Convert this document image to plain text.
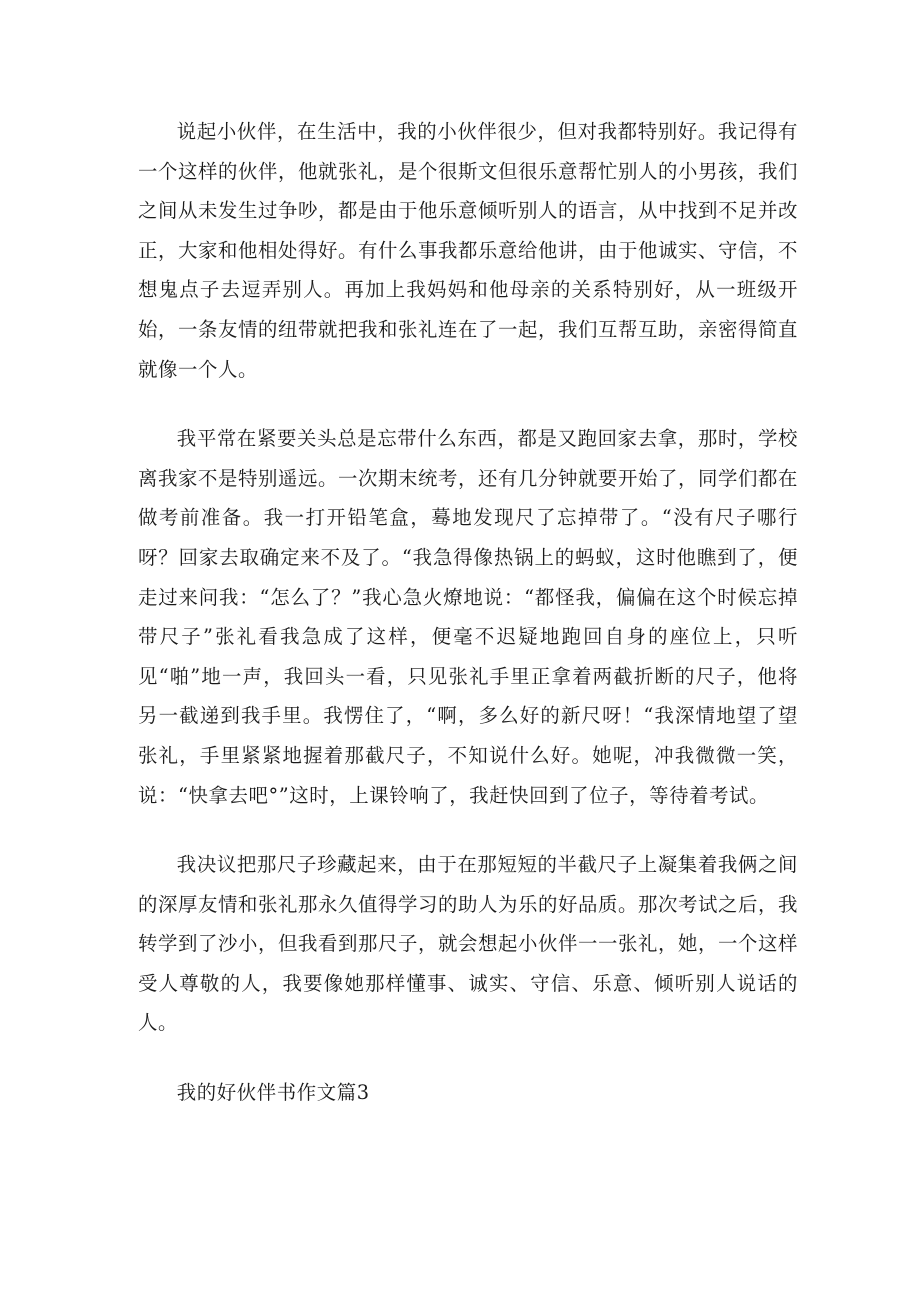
说起小伙伴，在生活中，我的小伙伴很少，但对我都特别好。我记得有一个这样的伙伴，他就张礼，是个很斯文但很乐意帮忙别人的小男孩，我们之间从未发生过争吵，都是由于他乐意倾听别人的语言，从中找到不足并改正，大家和他相处得好。有什么事我都乐意给他讲，由于他诚实、守信，不想鬼点子去逗弄别人。再加上我妈妈和他母亲的关系特别好，从一班级开始，一条友情的纽带就把我和张礼连在了一起，我们互帮互助，亲密得简直就像一个人。

我平常在紧要关头总是忘带什么东西，都是又跑回家去拿，那时，学校离我家不是特别遥远。一次期末统考，还有几分钟就要开始了，同学们都在做考前准备。我一打开铅笔盒，蓦地发现尺了忘掉带了。“没有尺子哪行呀？回家去取确定来不及了。“我急得像热锅上的蚂蚁，这时他瞧到了，便走过来问我：“怎么了？”我心急火燎地说：“都怪我，偏偏在这个时候忘掉带尺子”张礼看我急成了这样，便毫不迟疑地跑回自身的座位上，只听见“啪”地一声，我回头一看，只见张礼手里正拿着两截折断的尺子，他将另一截递到我手里。我愣住了，“啊，多么好的新尺呀！“我深情地望了望张礼，手里紧紧地握着那截尺子，不知说什么好。她呢，冲我微微一笑，说：“快拿去吧°”这时，上课铃响了，我赶快回到了位子，等待着考试。

我决议把那尺子珍藏起来，由于在那短短的半截尺子上凝集着我俩之间的深厚友情和张礼那永久值得学习的助人为乐的好品质。那次考试之后，我转学到了沙小，但我看到那尺子，就会想起小伙伴一一张礼，她，一个这样受人尊敬的人，我要像她那样懂事、诚实、守信、乐意、倾听别人说话的人。

我的好伙伴书作文篇3
